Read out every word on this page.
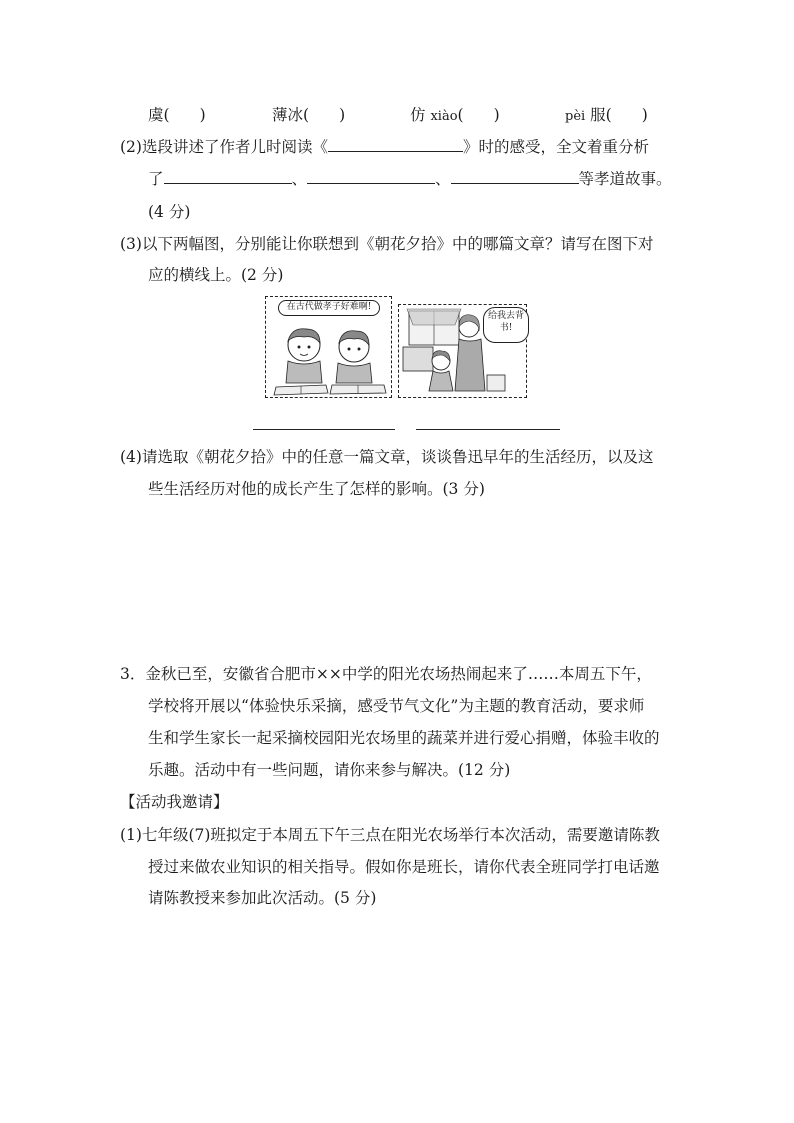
虞( )	薄冰( )	仿 xiào( )	pèi 服( )
(2)选段讲述了作者儿时阅读《	》时的感受，全文着重分析
了	、	、	等孝道故事。
(4 分)
(3)以下两幅图，分别能让你联想到《朝花夕拾》中的哪篇文章？请写在图下对
应的横线上。(2 分)
在古代做孝子好难啊!
给我去背书!
(4)请选取《朝花夕拾》中的任意一篇文章，谈谈鲁迅早年的生活经历，以及这
些生活经历对他的成长产生了怎样的影响。(3 分)
3．金秋已至，安徽省合肥市××中学的阳光农场热闹起来了……本周五下午，
学校将开展以“体验快乐采摘，感受节气文化”为主题的教育活动，要求师
生和学生家长一起采摘校园阳光农场里的蔬菜并进行爱心捐赠，体验丰收的
乐趣。活动中有一些问题，请你来参与解决。(12 分)
【活动我邀请】
(1)七年级(7)班拟定于本周五下午三点在阳光农场举行本次活动，需要邀请陈教
授过来做农业知识的相关指导。假如你是班长，请你代表全班同学打电话邀
请陈教授来参加此次活动。(5 分)
